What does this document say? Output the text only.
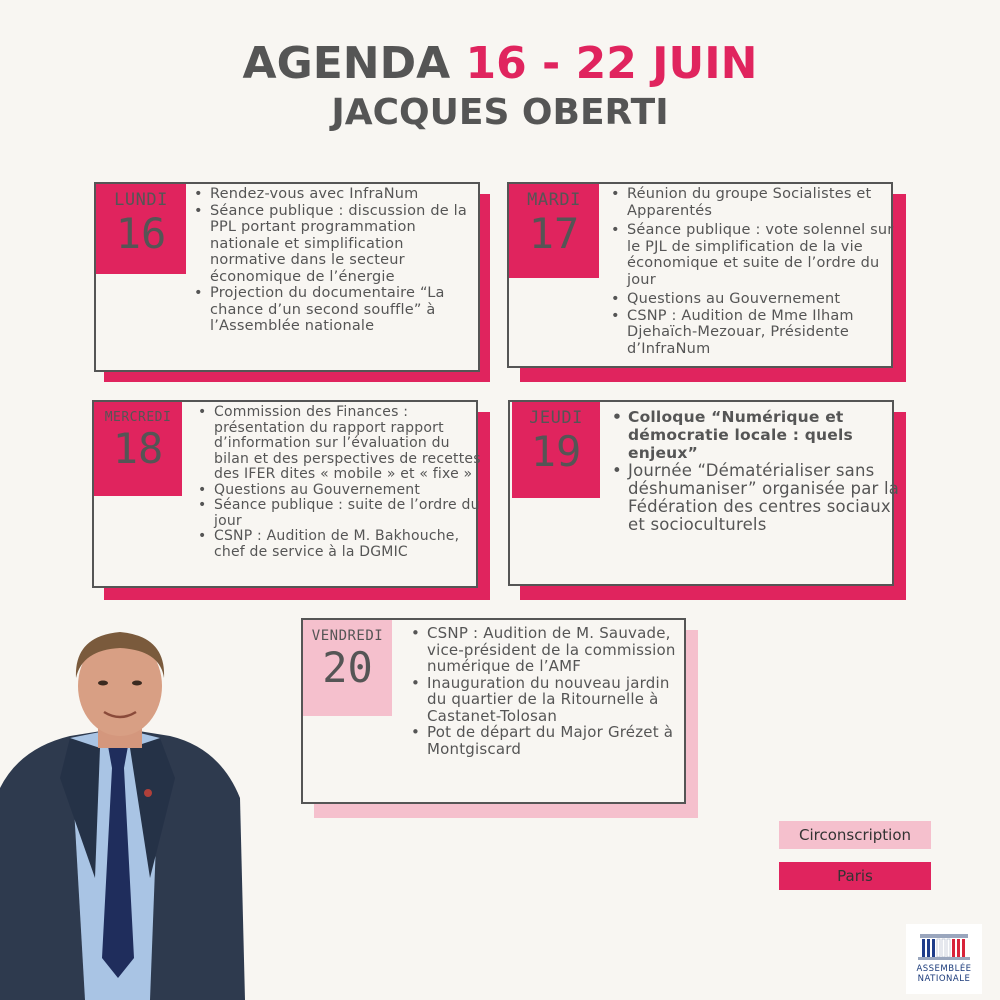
AGENDA 16 - 22 JUIN
JACQUES OBERTI
LUNDI
16
• Rendez-vous avec InfraNum
• Séance publique : discussion de la PPL portant programmation nationale et simplification normative dans le secteur économique de l’énergie
• Projection du documentaire “La chance d’un second souffle” à l’Assemblée nationale
MARDI
17
• Réunion du groupe Socialistes et Apparentés
• Séance publique : vote solennel sur le PJL de simplification de la vie économique et suite de l’ordre du jour
• Questions au Gouvernement
• CSNP : Audition de Mme Ilham Djehaïch-Mezouar, Présidente d’InfraNum
MERCREDI
18
• Commission des Finances : présentation du rapport rapport d’information sur l’évaluation du bilan et des perspectives de recettes des IFER dites « mobile » et « fixe »
• Questions au Gouvernement
• Séance publique : suite de l’ordre du jour
• CSNP : Audition de M. Bakhouche, chef de service à la DGMIC
JEUDI
19
• Colloque “Numérique et démocratie locale : quels enjeux”
• Journée “Dématérialiser sans déshumaniser” organisée par la Fédération des centres sociaux et socioculturels
VENDREDI
20
• CSNP : Audition de M. Sauvade, vice-président de la commission numérique de l’AMF
• Inauguration du nouveau jardin du quartier de la Ritournelle à Castanet-Tolosan
• Pot de départ du Major Grézet à Montgiscard
Circonscription
Paris
ASSEMBLÉE
NATIONALE
